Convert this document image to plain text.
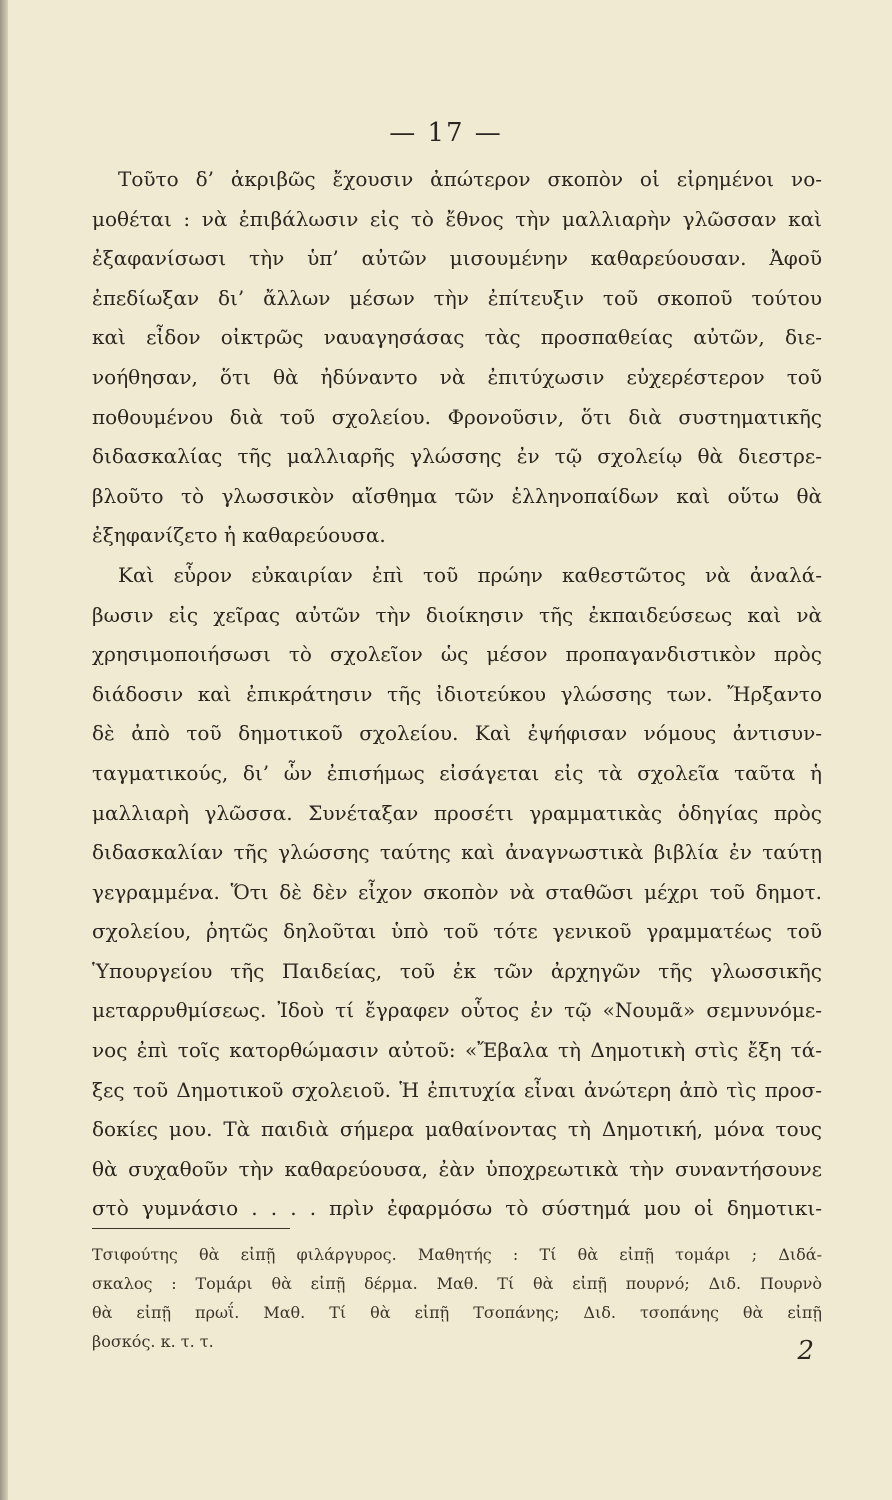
— 17 —
Τοῦτο δ’ ἀκριβῶς ἔχουσιν ἀπώτερον σκοπὸν οἱ εἰρημένοι νο-
μοθέται : νὰ ἐπιβάλωσιν εἰς τὸ ἔθνος τὴν μαλλιαρὴν γλῶσσαν καὶ
ἐξαφανίσωσι τὴν ὑπ’ αὐτῶν μισουμένην καθαρεύουσαν. Ἀφοῦ
ἐπεδίωξαν δι’ ἄλλων μέσων τὴν ἐπίτευξιν τοῦ σκοποῦ τούτου
καὶ εἶδον οἰκτρῶς ναυαγησάσας τὰς προσπαθείας αὐτῶν, διε-
νοήθησαν, ὅτι θὰ ἠδύναντο νὰ ἐπιτύχωσιν εὐχερέστερον τοῦ
ποθουμένου διὰ τοῦ σχολείου. Φρονοῦσιν, ὅτι διὰ συστηματικῆς
διδασκαλίας τῆς μαλλιαρῆς γλώσσης ἐν τῷ σχολείῳ θὰ διεστρε-
βλοῦτο τὸ γλωσσικὸν αἴσθημα τῶν ἑλληνοπαίδων καὶ οὕτω θὰ
ἐξηφανίζετο ἡ καθαρεύουσα.
Καὶ εὗρον εὐκαιρίαν ἐπὶ τοῦ πρώην καθεστῶτος νὰ ἀναλά-
βωσιν εἰς χεῖρας αὐτῶν τὴν διοίκησιν τῆς ἐκπαιδεύσεως καὶ νὰ
χρησιμοποιήσωσι τὸ σχολεῖον ὡς μέσον προπαγανδιστικὸν πρὸς
διάδοσιν καὶ ἐπικράτησιν τῆς ἰδιοτεύκου γλώσσης των. Ἤρξαντο
δὲ ἀπὸ τοῦ δημοτικοῦ σχολείου. Καὶ ἐψήφισαν νόμους ἀντισυν-
ταγματικούς, δι’ ὧν ἐπισήμως εἰσάγεται εἰς τὰ σχολεῖα ταῦτα ἡ
μαλλιαρὴ γλῶσσα. Συνέταξαν προσέτι γραμματικὰς ὁδηγίας πρὸς
διδασκαλίαν τῆς γλώσσης ταύτης καὶ ἀναγνωστικὰ βιβλία ἐν ταύτῃ
γεγραμμένα. Ὅτι δὲ δὲν εἶχον σκοπὸν νὰ σταθῶσι μέχρι τοῦ δημοτ.
σχολείου, ῥητῶς δηλοῦται ὑπὸ τοῦ τότε γενικοῦ γραμματέως τοῦ
Ὑπουργείου τῆς Παιδείας, τοῦ ἐκ τῶν ἀρχηγῶν τῆς γλωσσικῆς
μεταρρυθμίσεως. Ἰδοὺ τί ἔγραφεν οὗτος ἐν τῷ «Νουμᾶ» σεμνυνόμε-
νος ἐπὶ τοῖς κατορθώμασιν αὐτοῦ: «Ἔβαλα τὴ Δημοτικὴ στὶς ἔξη τά-
ξες τοῦ Δημοτικοῦ σχολειοῦ. Ἡ ἐπιτυχία εἶναι ἀνώτερη ἀπὸ τὶς προσ-
δοκίες μου. Τὰ παιδιὰ σήμερα μαθαίνοντας τὴ Δημοτική, μόνα τους
θὰ συχαθοῦν τὴν καθαρεύουσα, ἐὰν ὑποχρεωτικὰ τὴν συναντήσουνε
στὸ γυμνάσιο . . . . πρὶν ἐφαρμόσω τὸ σύστημά μου οἱ δημοτικι-
Τσιφούτης θὰ εἰπῇ φιλάργυρος. Μαθητής : Τί θὰ εἰπῇ τομάρι ; Διδά-
σκαλος : Τομάρι θὰ εἰπῇ δέρμα. Μαθ. Τί θὰ εἰπῇ πουρνό; Διδ. Πουρνὸ
θὰ εἰπῇ πρωΐ. Μαθ. Τί θὰ εἰπῇ Τσοπάνης; Διδ. τσοπάνης θὰ εἰπῇ
βοσκός. κ. τ. τ.	2
